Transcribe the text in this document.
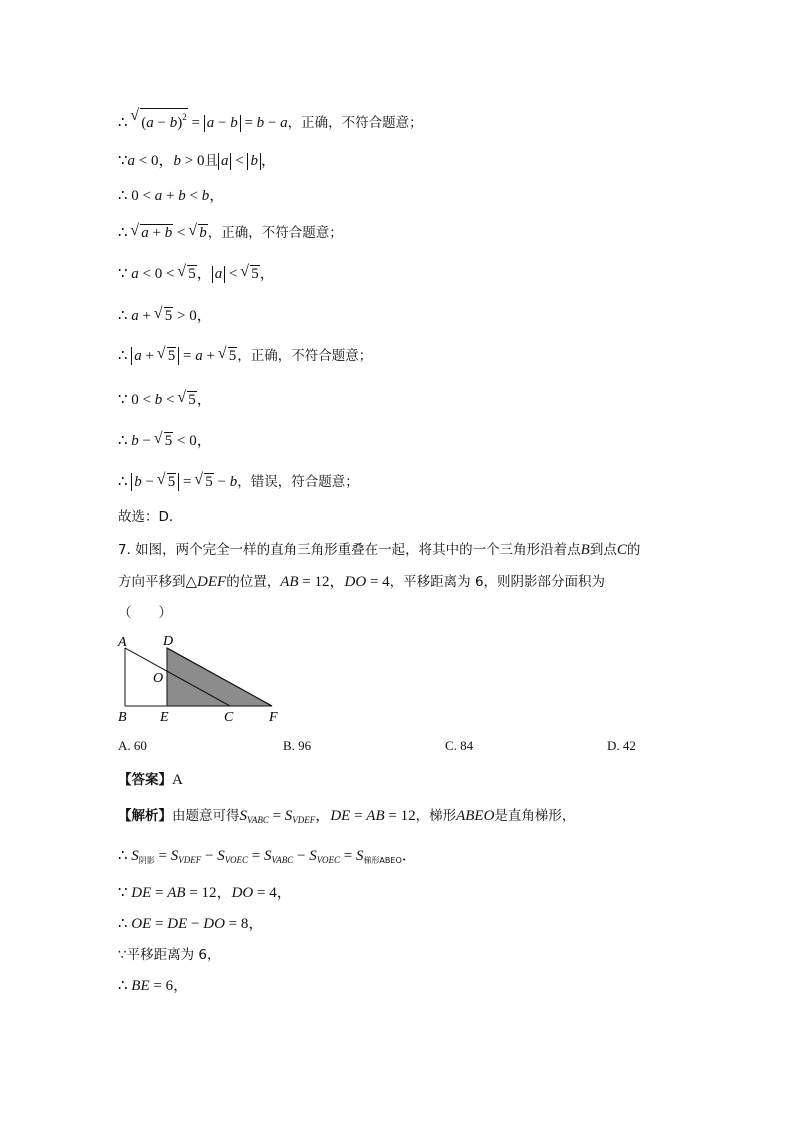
∴ √ $(a - b)^2 = a - b = b - a$，正确，不符合题意；
∵a < 0，b > 0且 a < b ，
∴ 0 < a + b < b，
∴ √ a + b < √ b，正确，不符合题意；
∵ a < 0 < √ 5， a < √ 5，
∴ a + √ 5 > 0，
∴ a + √ 5 = a + √ 5，正确，不符合题意；
∵ 0 < b < √ 5，
∴ b − √ 5 < 0，
∴ b − √ 5 = √ 5 − b，错误，符合题意；
故选：D．
7. 如图，两个完全一样的直角三角形重叠在一起，将其中的一个三角形沿着点B到点C的
方向平移到△DEF的位置，AB = 12，DO = 4，平移距离为 6，则阴影部分面积为
（　　）
A	D
O
B E	C	F
A. 60	B. 96	C. 84	D. 42
【答案】A
【解析】由题意可得$S_{VABC} = S_{VDEF}$，DE = AB = 12，梯形ABEO是直角梯形，
∴ $S_{阴影} = S_{VDEF} - S_{VOEC} = S_{VABC} - S_{VOEC} = S_{梯形ABEO}$．
∵ DE = AB = 12，DO = 4，
∴ OE = DE − DO = 8，
∵平移距离为 6，
∴ BE = 6，
